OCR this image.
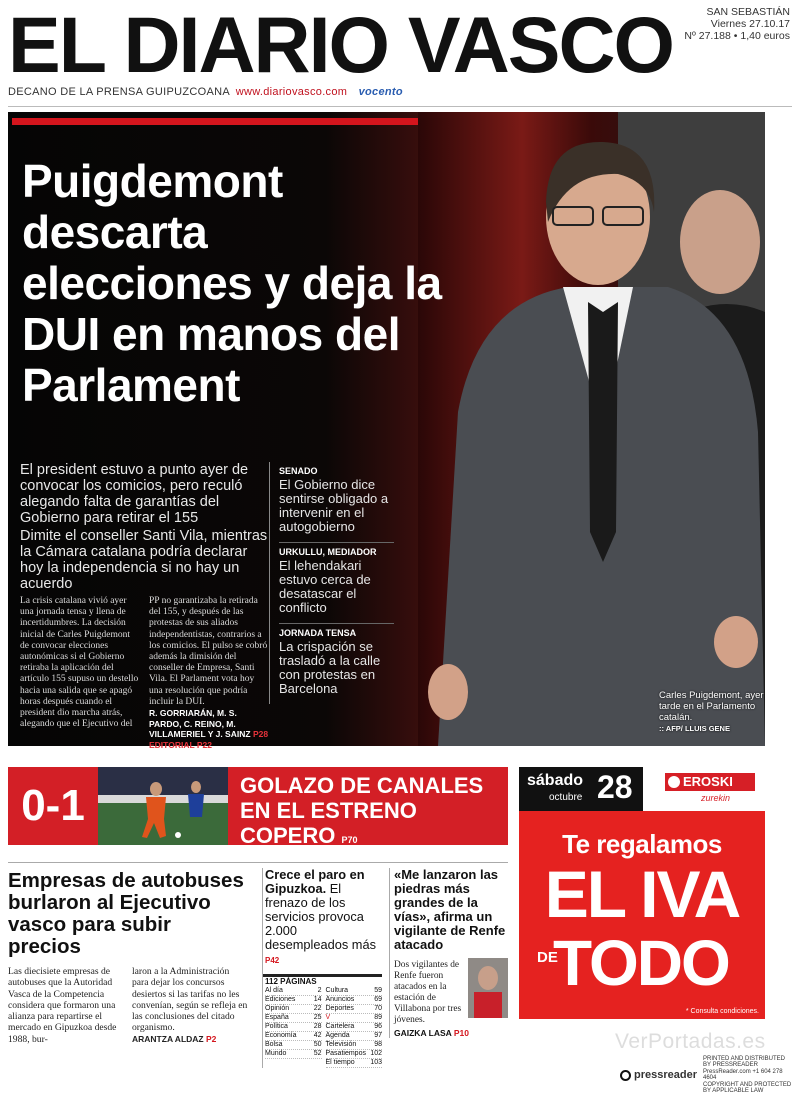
EL DIARIO VASCO	SAN SEBASTIÁN
Viernes 27.10.17
Nº 27.188 • 1,40 euros
DECANO DE LA PRENSA GUIPUZCOANA www.diariovasco.com vocento
Puigdemont descarta elecciones y deja la DUI en manos del Parlament

El president estuvo a punto ayer de convocar los comicios, pero reculó alegando falta de garantías del Gobierno para retirar el 155

Dimite el conseller Santi Vila, mientras la Cámara catalana podría declarar hoy la independencia si no hay un acuerdo

La crisis catalana vivió ayer una jornada tensa y llena de incertidumbres. La decisión inicial de Carles Puigdemont de convocar elecciones autonómicas si el Gobierno retiraba la aplicación del artículo 155 supuso un destello hacia una salida que se apagó horas después cuando el president dio marcha atrás, alegando que el Ejecutivo del
PP no garantizaba la retirada del 155, y después de las protestas de sus aliados independentistas, contrarios a los comicios. El pulso se cobró además la dimisión del conseller de Empresa, Santi Vila. El Parlament vota hoy una resolución que podría incluir la DUI.
R. GORRIARÁN, M. S. PARDO, C. REINO, M. VILLAMERIEL Y J. SAINZ P28 EDITORIAL P22
SENADO
El Gobierno dice sentirse obligado a intervenir en el autogobierno
URKULLU, MEDIADOR
El lehendakari estuvo cerca de desatascar el conflicto
JORNADA TENSA
La crispación se trasladó a la calle con protestas en Barcelona	Carles Puigdemont, ayer tarde en el Parlamento catalán.
:: AFP/ LLUIS GENE
0-1	GOLAZO DE CANALES EN EL ESTRENO COPERO P70
Empresas de autobuses burlaron al Ejecutivo vasco para subir precios
Las diecisiete empresas de autobuses que la Autoridad Vasca de la Competencia considera que formaron una alianza para repartirse el mercado en Gipuzkoa desde 1988, bur-
laron a la Administración para dejar los concursos desiertos si las tarifas no les convenían, según se refleja en las conclusiones del citado organismo.
ARANTZA ALDAZ P2
Crece el paro en Gipuzkoa. El frenazo de los servicios provoca 2.000 desempleados más P42
112 PÁGINAS
Al día	2
Ediciones	14
Opinión	22
España	25
Política	28
Economía 42
Bolsa	50
Mundo	52
Cultura	59
Anuncios	69
Deportes	70
V	89
Cartelera	96
Agenda	97
Televisión	98
Pasatiempos 102
El tiempo 103
«Me lanzaron las piedras más grandes de la vías», afirma un vigilante de Renfe atacado
Dos vigilantes de Renfe fueron atacados en la estación de Villabona por tres jóvenes.
GAIZKA LASA P10
sábado
octubre 28	EROSKI
zurekin
Te regalamos
EL IVA
DE
TODO
* Consulta condiciones.
VerPortadas.es
pressreader
PRINTED AND DISTRIBUTED BY PRESSREADER
PressReader.com +1 604 278 4604
COPYRIGHT AND PROTECTED BY APPLICABLE LAW
